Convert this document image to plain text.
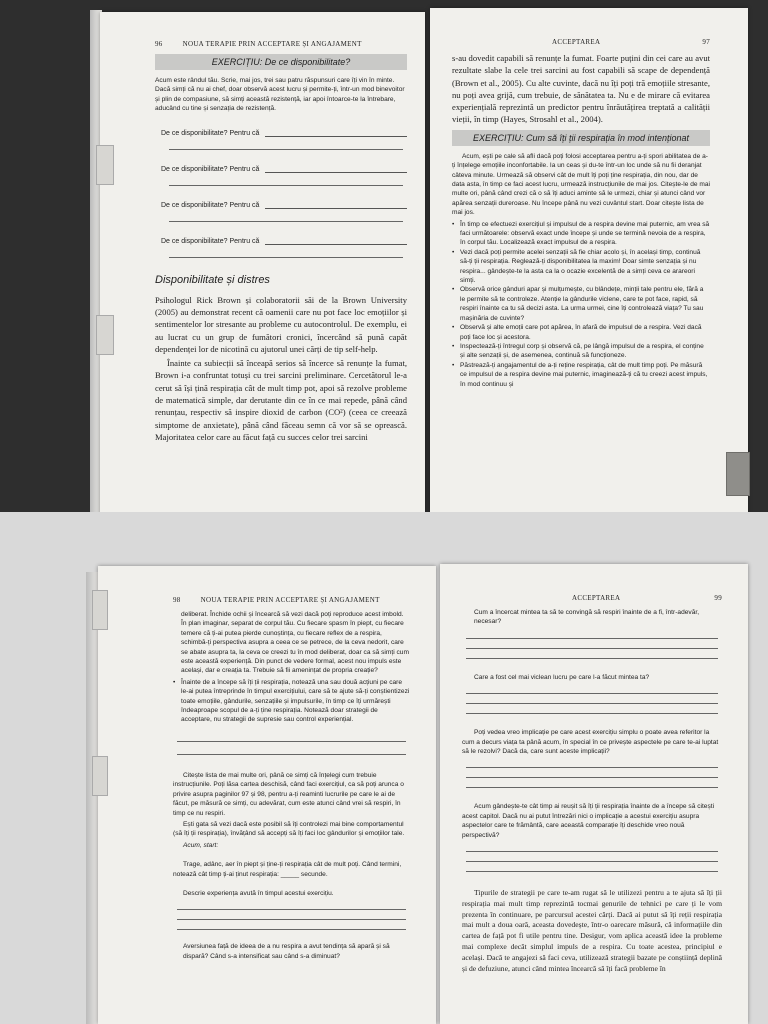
96	NOUA TERAPIE PRIN ACCEPTARE ȘI ANGAJAMENT
EXERCIȚIU: De ce disponibilitate?

Acum este rândul tău. Scrie, mai jos, trei sau patru răspunsuri care îți vin în minte. Dacă simți că nu ai chef, doar observă acest lucru și permite-ți, într-un mod binevoitor și plin de compasiune, să simți această rezistență, iar apoi întoarce-te la întrebare, aducând cu tine și senzația de rezistență.

De ce disponibilitate? Pentru că
De ce disponibilitate? Pentru că
De ce disponibilitate? Pentru că
De ce disponibilitate? Pentru că
Disponibilitate și distres

Psihologul Rick Brown și colaboratorii săi de la Brown University (2005) au demonstrat recent că oamenii care nu pot face loc emoțiilor și sentimentelor lor stresante au probleme cu autocontrolul. De exemplu, ei au lucrat cu un grup de fumători cronici, încercând să pună capăt dependenței lor de nicotină cu ajutorul unei cărți de tip self-help.

Înainte ca subiecții să înceapă serios să încerce să renunțe la fumat, Brown i-a confruntat totuși cu trei sarcini preliminare. Cercetătorul le-a cerut să își țină respirația cât de mult timp pot, apoi să rezolve probleme de matematică simple, dar derutante din ce în ce mai repede, până când renunțau, respectiv să inspire dioxid de carbon (CO²) (ceea ce creează simptome de anxietate), până când făceau semn că vor să se oprească. Majoritatea celor care au făcut față cu succes celor trei sarcini

ACCEPTAREA	97

s-au dovedit capabili să renunțe la fumat. Foarte puțini din cei care au avut rezultate slabe la cele trei sarcini au fost capabili să scape de dependență (Brown et al., 2005). Cu alte cuvinte, dacă nu îți poți tră emoțiile stresante, nu poți avea grijă, cum trebuie, de sănătatea ta. Nu e de mirare că evitarea experiențială reprezintă un predictor pentru înrăutățirea treptată a calității vieții, în timp (Hayes, Strosahl et al., 2004).

EXERCIȚIU: Cum să îți ții respirația în mod intenționat

Acum, ești pe cale să afli dacă poți folosi acceptarea pentru a-ți spori abilitatea de a-ți înțelege emoțiile inconfortabile. Ia un ceas și du-te într-un loc unde să nu fii deranjat câteva minute. Urmează să observi cât de mult îți poți ține respirația, din nou, dar de data asta, în timp ce faci acest lucru, urmează instrucțiunile de mai jos. Citește-le de mai multe ori, până când crezi că o să îți aduci aminte să le urmezi, chiar și atunci când vor apărea senzații dureroase. Nu începe până nu vezi cuvântul start. Doar citește lista de mai jos.

• În timp ce efectuezi exercițiul și impulsul de a respira devine mai puternic, am vrea să faci următoarele: observă exact unde începe și unde se termină nevoia de a respira, în corpul tău. Localizează exact impulsul de a respira.
• Vezi dacă poți permite acelei senzații să fie chiar acolo și, în același timp, continuă să-ți ții respirația. Reglează-ți disponibilitatea la maxim! Doar simte senzația și nu respira... gândește-te la asta ca la o ocazie excelentă de a simți ceva ce arareori simți.
• Observă orice gânduri apar și mulțumește, cu blândețe, minții tale pentru ele, fără a le permite să te controleze. Atenție la gândurile viclene, care te pot face, rapid, să respiri înainte ca tu să decizi asta. La urma urmei, cine îți controlează viața? Tu sau mașinăria de cuvinte?
• Observă și alte emoții care pot apărea, în afară de impulsul de a respira. Vezi dacă poți face loc și acestora.
• Inspectează-ți întregul corp și observă că, pe lângă impulsul de a respira, el conține și alte senzații și, de asemenea, continuă să funcționeze.
• Păstrează-ți angajamentul de a-ți reține respirația, cât de mult timp poți. Pe măsură ce impulsul de a respira devine mai puternic, imaginează-ți că tu creezi acest impuls, în mod continuu și
98	NOUA TERAPIE PRIN ACCEPTARE ȘI ANGAJAMENT

deliberat. Închide ochii și încearcă să vezi dacă poți reproduce acest imbold. În plan imaginar, separat de corpul tău. Cu fiecare spasm în piept, cu fiecare temere că ți-ai putea pierde cunoștința, cu fiecare reflex de a respira, schimbă-ți perspectiva asupra a ceea ce se petrece, de la ceva nedorit, care se abate asupra ta, la ceva ce creezi tu în mod deliberat, doar ca să simți cum este această experiență. Din punct de vedere formal, acest nou impuls este același, dar e creația ta. Trebuie să fii amenințat de propria creație?

• Înainte de a începe să îți ții respirația, notează una sau două acțiuni pe care le-ai putea întreprinde în timpul exercițiului, care să te ajute să-ți conștientizezi toate emoțiile, gândurile, senzațiile și impulsurile, în timp ce îți urmărești îndeaproape scopul de a-ți ține respirația. Notează doar strategii de acceptare, nu strategii de supresie sau control experiențial.

Citește lista de mai multe ori, până ce simți că înțelegi cum trebuie instrucțiunile. Poți lăsa cartea deschisă, când faci exercițiul, ca să poți arunca o privire asupra paginilor 97 și 98, pentru a-ți reaminti lucrurile pe care le ai de făcut, pe măsură ce simți, cu adevărat, cum este atunci când vrei să respiri, în timp ce nu respiri.

Ești gata să vezi dacă este posibil să îți controlezi mai bine comportamentul (să îți ții respirația), învățând să accepți să îți faci loc gândurilor și emoțiilor tale.

Acum, start:

Trage, adânc, aer în piept și ține-ți respirația cât de mult poți. Când termini, notează cât timp ți-ai ținut respirația: _____ secunde.

Descrie experiența avută în timpul acestui exercițiu.

Aversiunea față de ideea de a nu respira a avut tendința să apară și să dispară? Când s-a intensificat sau când s-a diminuat?

ACCEPTAREA	99

Cum a încercat mintea ta să te convingă să respiri înainte de a fi, într-adevăr, necesar?

Care a fost cel mai viclean lucru pe care l-a făcut mintea ta?

Poți vedea vreo implicație pe care acest exercițiu simplu o poate avea referitor la cum a decurs viața ta până acum, în special în ce privește aspectele pe care te-ai luptat să le rezolvi? Dacă da, care sunt aceste implicații?

Acum gândește-te cât timp ai reușit să îți ții respirația înainte de a începe să citești acest capitol. Dacă nu ai putut întrezări nici o implicație a acestui exercițiu asupra aspectelor care te frământă, care această comparație îți deschide vreo nouă perspectivă?

Tipurile de strategii pe care te-am rugat să le utilizezi pentru a te ajuta să îți ții respirația mai mult timp reprezintă tocmai genurile de tehnici pe care ți le vom prezenta în continuare, pe parcursul acestei cărți. Dacă ai putut să îți reții respirația mai mult a doua oară, aceasta dovedește, într-o oarecare măsură, că informațiile din cartea de față pot fi utile pentru tine. Desigur, vom aplica această idee la probleme mai complexe decât simplul impuls de a respira. Cu toate acestea, principiul e același. Dacă te angajezi să faci ceva, utilizează strategii bazate pe conștiință deplină și de defuziune, atunci când mintea încearcă să îți facă probleme în
